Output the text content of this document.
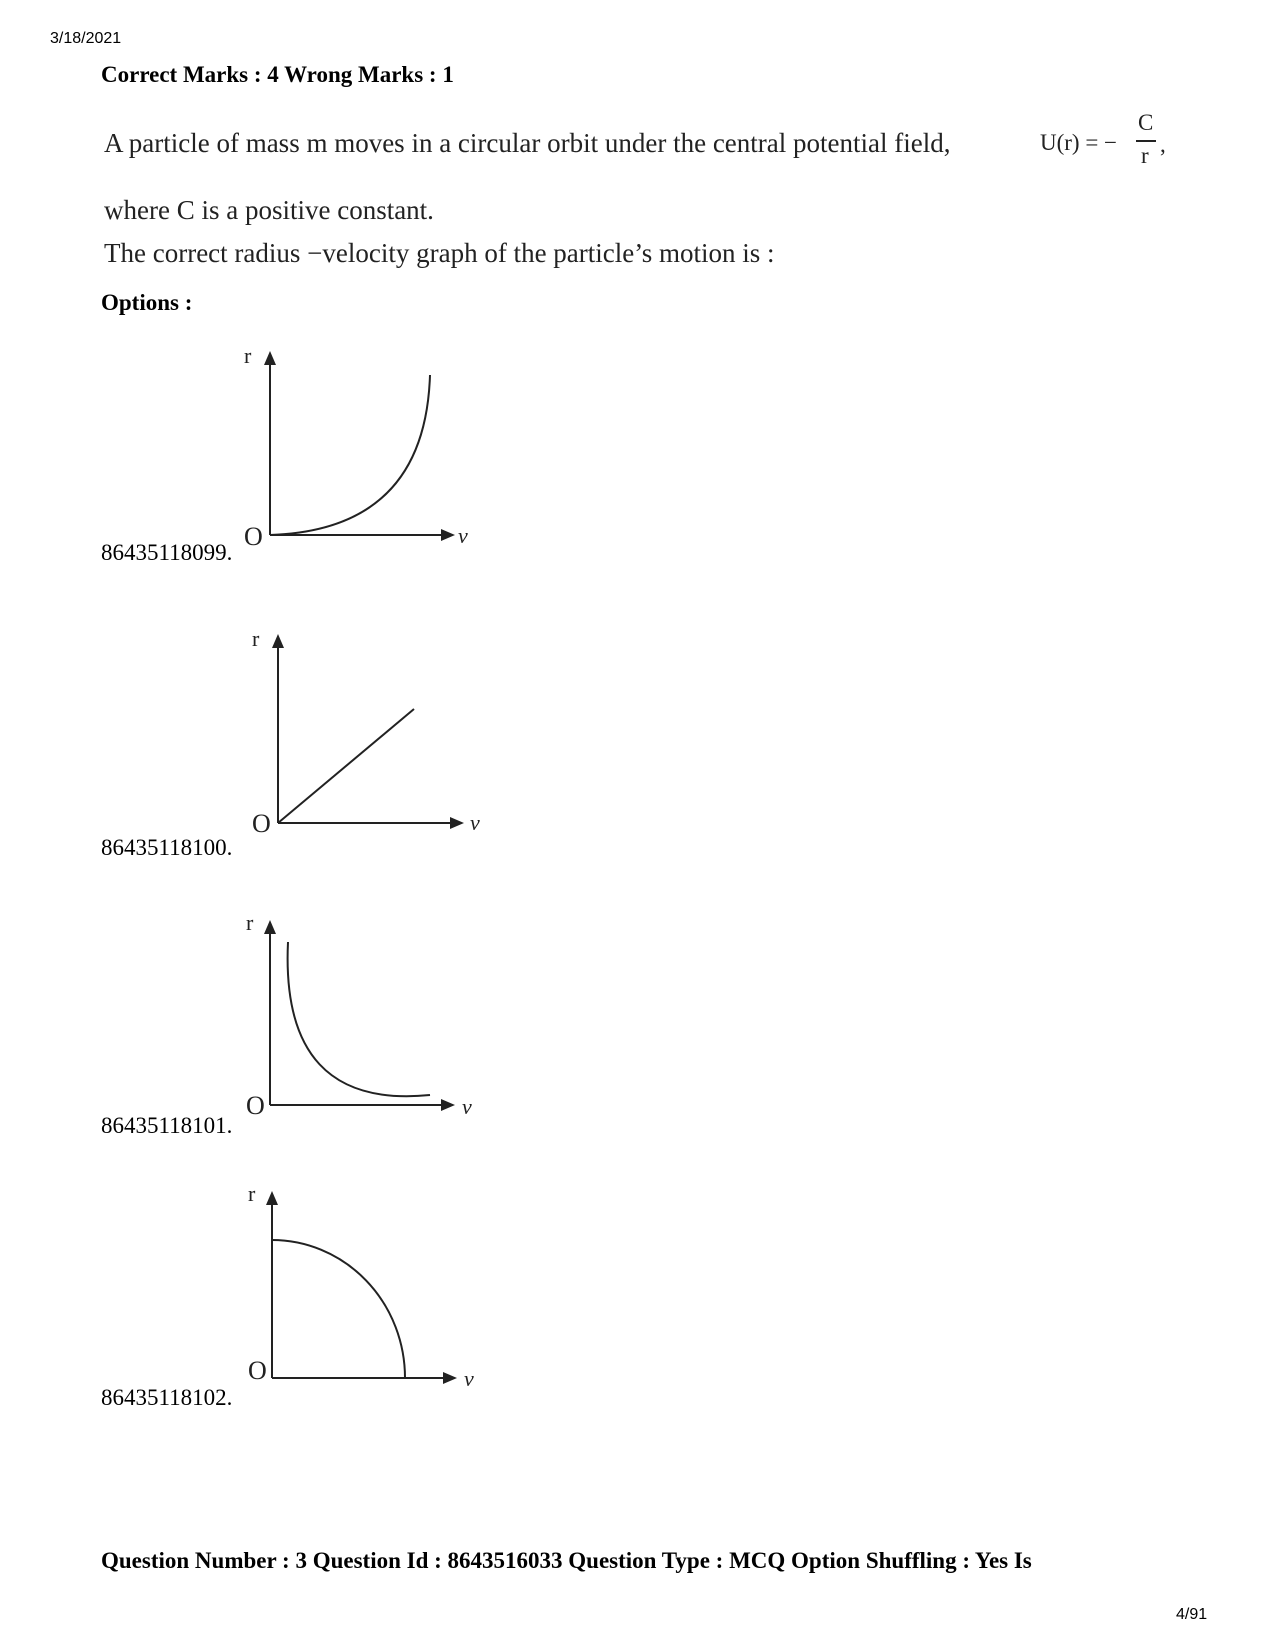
3/18/2021
Correct Marks : 4 Wrong Marks : 1
A particle of mass m moves in a circular orbit under the central potential field,	U(r) = −
C
r ,
where C is a positive constant.
The correct radius −velocity graph of the particle’s motion is :
Options :
r
O	v
86435118099.
r
O	v
86435118100.
r
O	v
86435118101.
r
O	v
86435118102.
Question Number : 3 Question Id : 8643516033 Question Type : MCQ Option Shuffling : Yes Is
4/91
